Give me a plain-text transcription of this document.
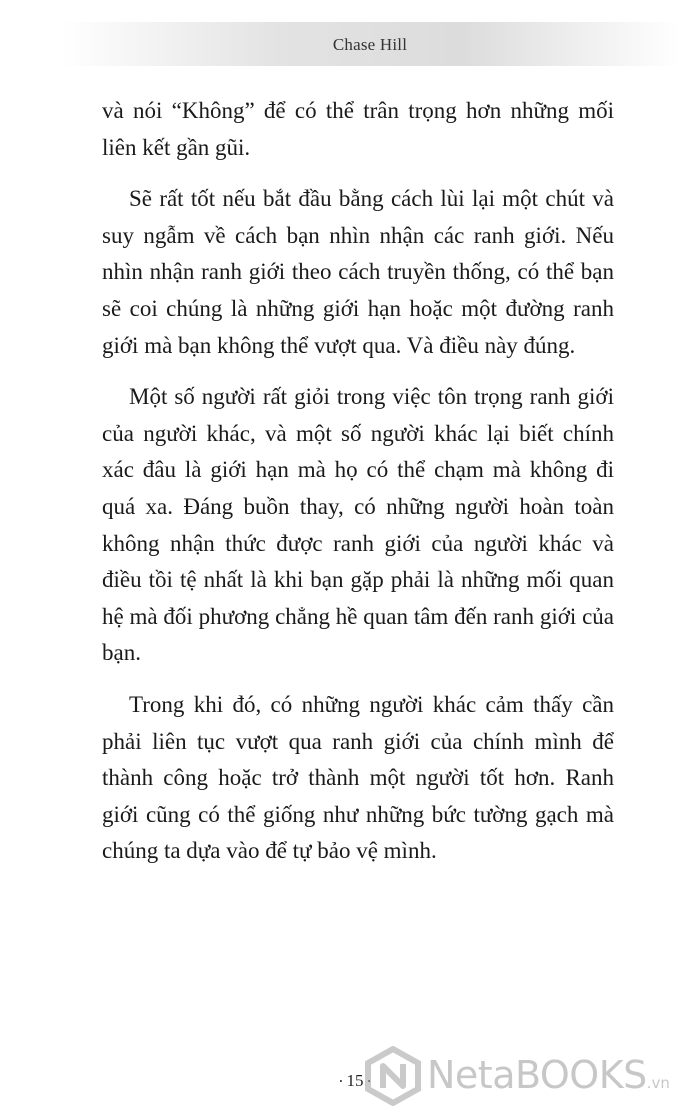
Chase Hill

và nói “Không” để có thể trân trọng hơn những mối liên kết gần gũi.

Sẽ rất tốt nếu bắt đầu bằng cách lùi lại một chút và suy ngẫm về cách bạn nhìn nhận các ranh giới. Nếu nhìn nhận ranh giới theo cách truyền thống, có thể bạn sẽ coi chúng là những giới hạn hoặc một đường ranh giới mà bạn không thể vượt qua. Và điều này đúng.

Một số người rất giỏi trong việc tôn trọng ranh giới của người khác, và một số người khác lại biết chính xác đâu là giới hạn mà họ có thể chạm mà không đi quá xa. Đáng buồn thay, có những người hoàn toàn không nhận thức được ranh giới của người khác và điều tồi tệ nhất là khi bạn gặp phải là những mối quan hệ mà đối phương chẳng hề quan tâm đến ranh giới của bạn.

Trong khi đó, có những người khác cảm thấy cần phải liên tục vượt qua ranh giới của chính mình để thành công hoặc trở thành một người tốt hơn. Ranh giới cũng có thể giống như những bức tường gạch mà chúng ta dựa vào để tự bảo vệ mình.

• 15 • NetaBOOKS.vn
